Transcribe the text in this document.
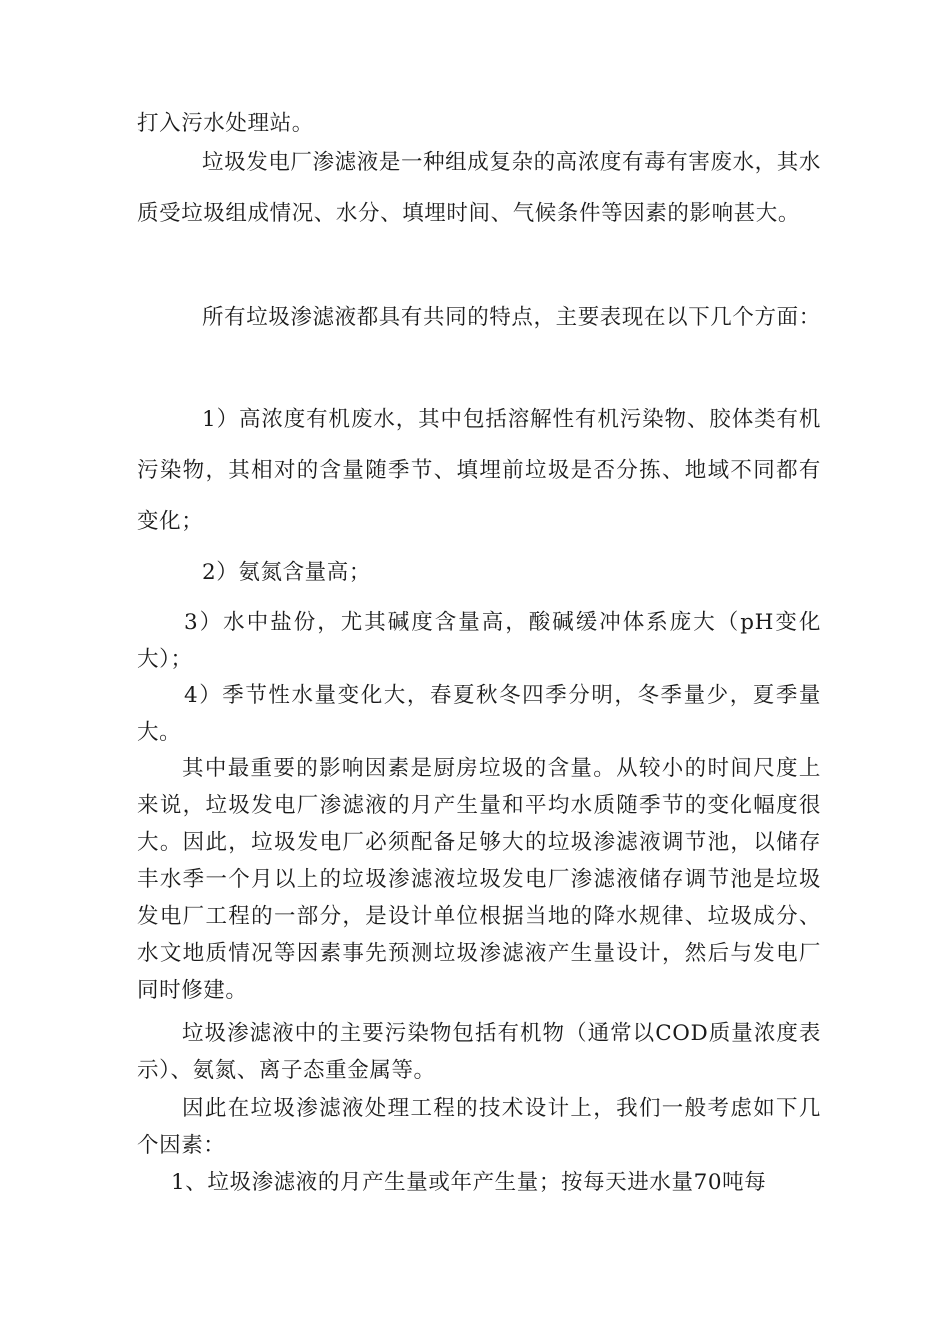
打入污水处理站。

垃圾发电厂渗滤液是一种组成复杂的高浓度有毒有害废水，其水质受垃圾组成情况、水分、填埋时间、气候条件等因素的影响甚大。

所有垃圾渗滤液都具有共同的特点，主要表现在以下几个方面：

1）高浓度有机废水，其中包括溶解性有机污染物、胶体类有机污染物，其相对的含量随季节、填埋前垃圾是否分拣、地域不同都有变化；

2）氨氮含量高；

3）水中盐份，尤其碱度含量高，酸碱缓冲体系庞大（pH变化大）；

4）季节性水量变化大，春夏秋冬四季分明，冬季量少，夏季量大。

其中最重要的影响因素是厨房垃圾的含量。从较小的时间尺度上来说，垃圾发电厂渗滤液的月产生量和平均水质随季节的变化幅度很大。因此，垃圾发电厂必须配备足够大的垃圾渗滤液调节池，以储存丰水季一个月以上的垃圾渗滤液垃圾发电厂渗滤液储存调节池是垃圾发电厂工程的一部分，是设计单位根据当地的降水规律、垃圾成分、水文地质情况等因素事先预测垃圾渗滤液产生量设计，然后与发电厂同时修建。

垃圾渗滤液中的主要污染物包括有机物（通常以COD质量浓度表示）、氨氮、离子态重金属等。

因此在垃圾渗滤液处理工程的技术设计上，我们一般考虑如下几个因素：

1、垃圾渗滤液的月产生量或年产生量；按每天进水量70吨每
